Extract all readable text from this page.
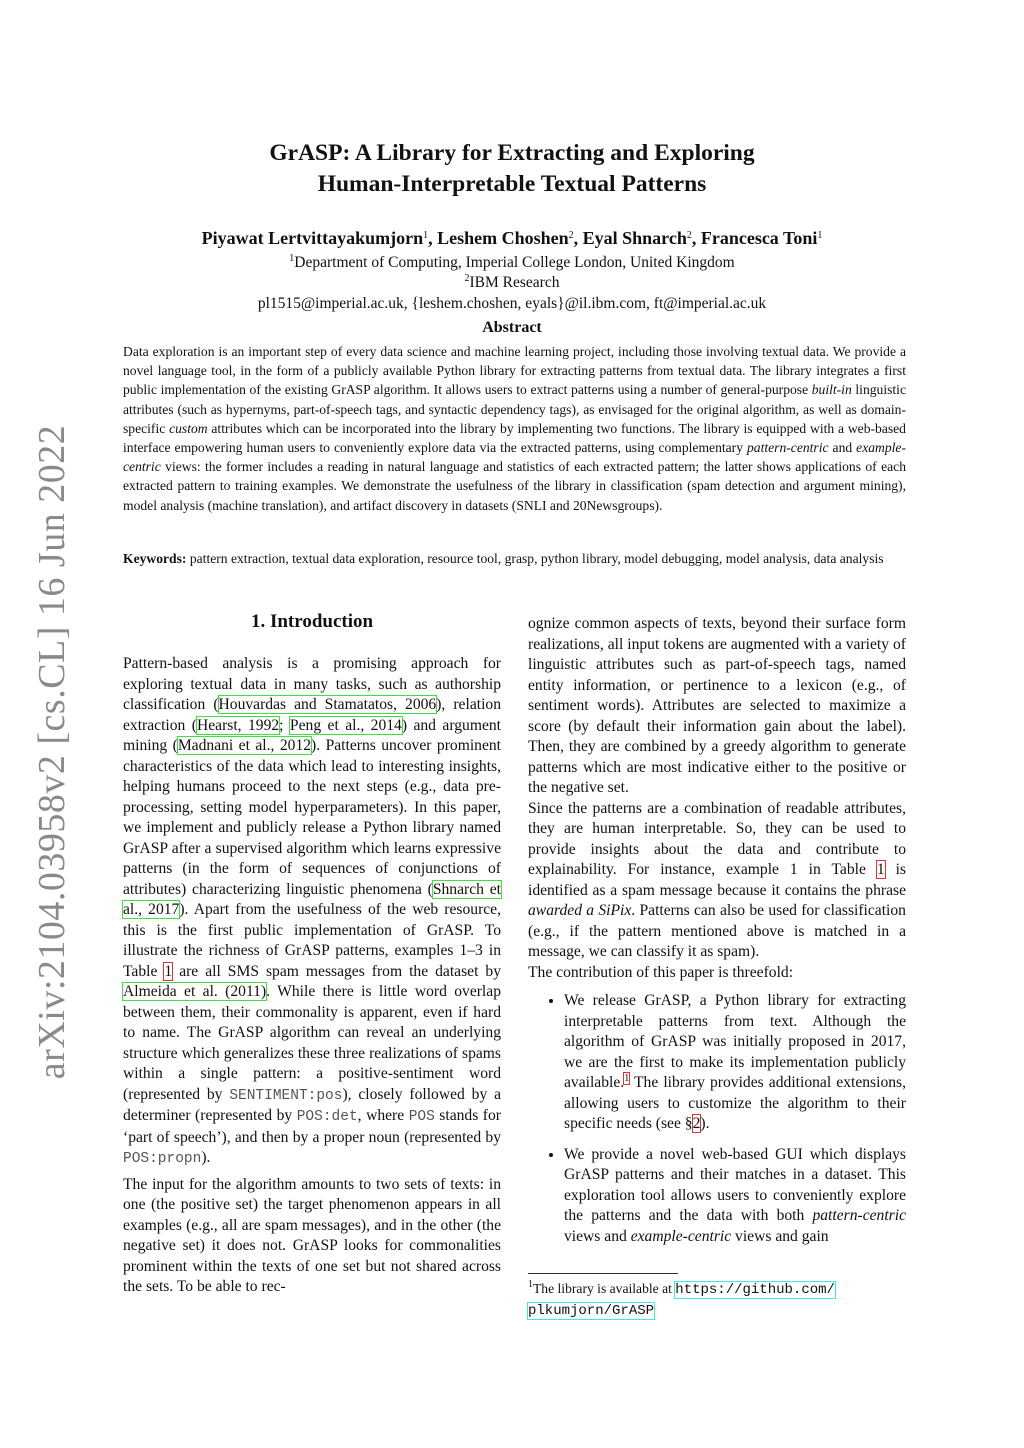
arXiv:2104.03958v2 [cs.CL] 16 Jun 2022
GrASP: A Library for Extracting and Exploring
Human-Interpretable Textual Patterns
Piyawat Lertvittayakumjorn$^1$, Leshem Choshen$^2$, Eyal Shnarch$^2$, Francesca Toni$^1$
$^1$Department of Computing, Imperial College London, United Kingdom
$^2$IBM Research
pl1515@imperial.ac.uk, {leshem.choshen, eyals}@il.ibm.com, ft@imperial.ac.uk
Abstract
Data exploration is an important step of every data science and machine learning project, including those involving textual data. We provide a novel language tool, in the form of a publicly available Python library for extracting patterns from textual data. The library integrates a first public implementation of the existing GrASP algorithm. It allows users to extract patterns using a number of general-purpose built-in linguistic attributes (such as hypernyms, part-of-speech tags, and syntactic dependency tags), as envisaged for the original algorithm, as well as domain-specific custom attributes which can be incorporated into the library by implementing two functions. The library is equipped with a web-based interface empowering human users to conveniently explore data via the extracted patterns, using complementary pattern-centric and example-centric views: the former includes a reading in natural language and statistics of each extracted pattern; the latter shows applications of each extracted pattern to training examples. We demonstrate the usefulness of the library in classification (spam detection and argument mining), model analysis (machine translation), and artifact discovery in datasets (SNLI and 20Newsgroups).
Keywords: pattern extraction, textual data exploration, resource tool, grasp, python library, model debugging, model analysis, data analysis
1. Introduction

Pattern-based analysis is a promising approach for exploring textual data in many tasks, such as authorship classification (Houvardas and Stamatatos, 2006), relation extraction (Hearst, 1992; Peng et al., 2014) and argument mining (Madnani et al., 2012). Patterns uncover prominent characteristics of the data which lead to interesting insights, helping humans proceed to the next steps (e.g., data pre-processing, setting model hyperparameters). In this paper, we implement and publicly release a Python library named GrASP after a supervised algorithm which learns expressive patterns (in the form of sequences of conjunctions of attributes) characterizing linguistic phenomena (Shnarch et al., 2017). Apart from the usefulness of the web resource, this is the first public implementation of GrASP. To illustrate the richness of GrASP patterns, examples 1–3 in Table 1 are all SMS spam messages from the dataset by Almeida et al. (2011). While there is little word overlap between them, their commonality is apparent, even if hard to name. The GrASP algorithm can reveal an underlying structure which generalizes these three realizations of spams within a single pattern: a positive-sentiment word (represented by SENTIMENT:pos), closely followed by a determiner (represented by POS:det, where POS stands for ‘part of speech’), and then by a proper noun (represented by POS:propn).

The input for the algorithm amounts to two sets of texts: in one (the positive set) the target phenomenon appears in all examples (e.g., all are spam messages), and in the other (the negative set) it does not. GrASP looks for commonalities prominent within the texts of one set but not shared across the sets. To be able to rec-

ognize common aspects of texts, beyond their surface form realizations, all input tokens are augmented with a variety of linguistic attributes such as part-of-speech tags, named entity information, or pertinence to a lexicon (e.g., of sentiment words). Attributes are selected to maximize a score (by default their information gain about the label). Then, they are combined by a greedy algorithm to generate patterns which are most indicative either to the positive or the negative set.

Since the patterns are a combination of readable attributes, they are human interpretable. So, they can be used to provide insights about the data and contribute to explainability. For instance, example 1 in Table 1 is identified as a spam message because it contains the phrase awarded a SiPix. Patterns can also be used for classification (e.g., if the pattern mentioned above is matched in a message, we can classify it as spam).

The contribution of this paper is threefold:

• We release GrASP, a Python library for extracting interpretable patterns from text. Although the algorithm of GrASP was initially proposed in 2017, we are the first to make its implementation publicly available.$^1$ The library provides additional extensions, allowing users to customize the algorithm to their specific needs (see §2).
• We provide a novel web-based GUI which displays GrASP patterns and their matches in a dataset. This exploration tool allows users to conveniently explore the patterns and the data with both pattern-centric views and example-centric views and gain
$^1$The library is available at https://github.com/
plkumjorn/GrASP
